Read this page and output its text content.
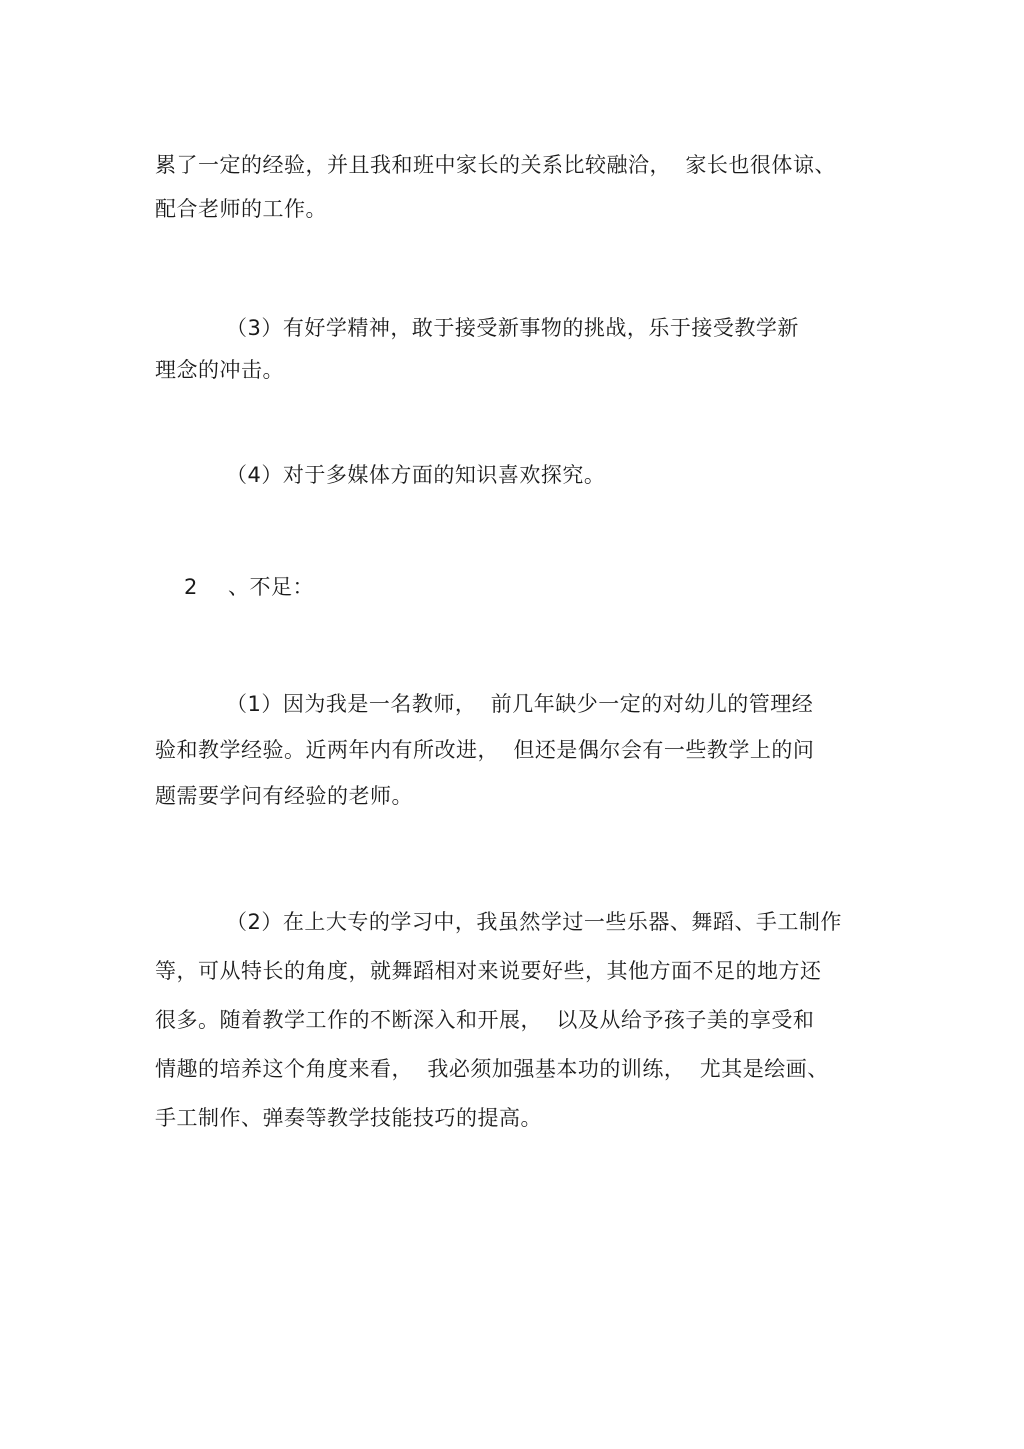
累了一定的经验，并且我和班中家长的关系比较融洽，  家长也很体谅、
配合老师的工作。
（3）有好学精神，敢于接受新事物的挑战，乐于接受教学新
理念的冲击。
（4）对于多媒体方面的知识喜欢探究。
2 、不足：
（1）因为我是一名教师，  前几年缺少一定的对幼儿的管理经
验和教学经验。近两年内有所改进，  但还是偶尔会有一些教学上的问
题需要学问有经验的老师。
（2）在上大专的学习中，我虽然学过一些乐器、舞蹈、手工制作
等，可从特长的角度，就舞蹈相对来说要好些，其他方面不足的地方还
很多。随着教学工作的不断深入和开展，  以及从给予孩子美的享受和
情趣的培养这个角度来看，  我必须加强基本功的训练，  尤其是绘画、
手工制作、弹奏等教学技能技巧的提高。
